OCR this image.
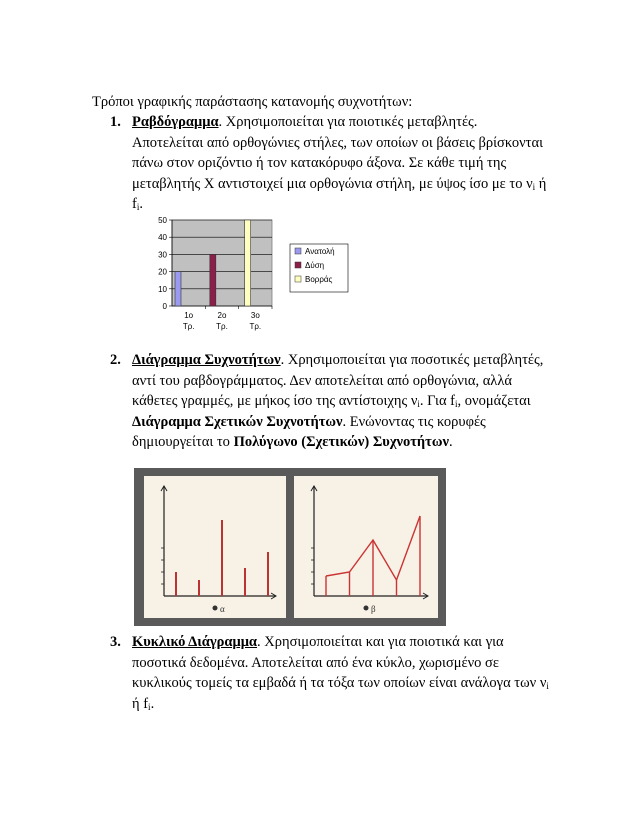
Τρόποι γραφικής παράστασης κατανομής συχνοτήτων:
1. Ραβδόγραμμα. Χρησιμοποιείται για ποιοτικές μεταβλητές. Αποτελείται από ορθογώνιες στήλες, των οποίων οι βάσεις βρίσκονται πάνω στον οριζόντιο ή τον κατακόρυφο άξονα. Σε κάθε τιμή της μεταβλητής Χ αντιστοιχεί μια ορθογώνια στήλη, με ύψος ίσο με το $\nu_i$ ή $f_i$.
0
10
20
30
40
50
1ο
Τρ.
2ο
Τρ.
3ο
Τρ.
Ανατολή
Δύση
Βορράς
2. Διάγραμμα Συχνοτήτων. Χρησιμοποιείται για ποσοτικές μεταβλητές, αντί του ραβδογράμματος. Δεν αποτελείται από ορθογώνια, αλλά κάθετες γραμμές, με μήκος ίσο της αντίστοιχης $\nu_i$. Για $f_i$, ονομάζεται Διάγραμμα Σχετικών Συχνοτήτων. Ενώνοντας τις κορυφές δημιουργείται το Πολύγωνο (Σχετικών) Συχνοτήτων.
α	β
3. Κυκλικό Διάγραμμα. Χρησιμοποιείται και για ποιοτικά και για ποσοτικά δεδομένα. Αποτελείται από ένα κύκλο, χωρισμένο σε κυκλικούς τομείς τα εμβαδά ή τα τόξα των οποίων είναι ανάλογα των $\nu_i$ ή $f_i$.
